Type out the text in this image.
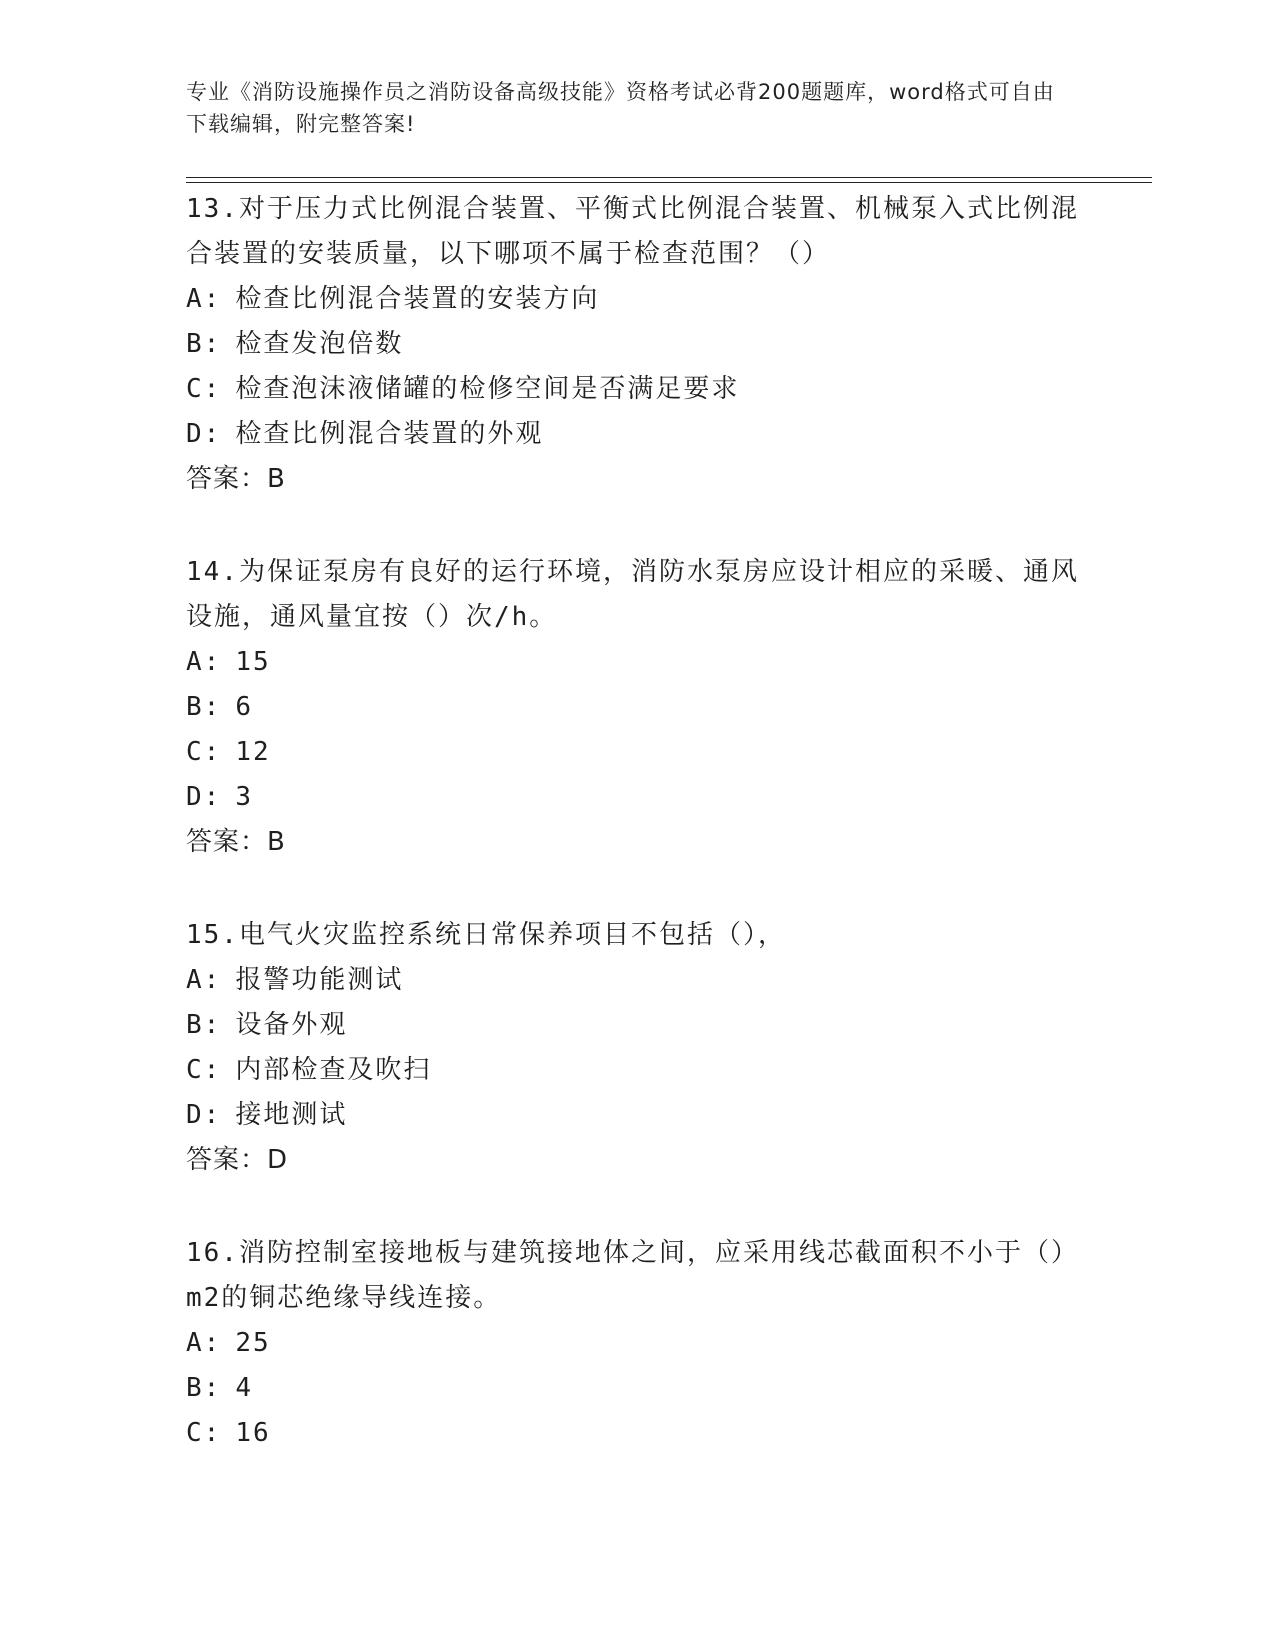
专业《消防设施操作员之消防设备高级技能》资格考试必背200题题库，word格式可自由下载编辑，附完整答案!

13.对于压力式比例混合装置、平衡式比例混合装置、机械泵入式比例混合装置的安装质量，以下哪项不属于检查范围？（）

A: 检查比例混合装置的安装方向
B: 检查发泡倍数
C: 检查泡沫液储罐的检修空间是否满足要求
D: 检查比例混合装置的外观
答案：B

14.为保证泵房有良好的运行环境，消防水泵房应设计相应的采暖、通风设施，通风量宜按（）次/h。

A: 15
B: 6
C: 12
D: 3
答案：B

15.电气火灾监控系统日常保养项目不包括（），

A: 报警功能测试
B: 设备外观
C: 内部检查及吹扫
D: 接地测试
答案：D

16.消防控制室接地板与建筑接地体之间，应采用线芯截面积不小于（）m2的铜芯绝缘导线连接。

A: 25
B: 4
C: 16
